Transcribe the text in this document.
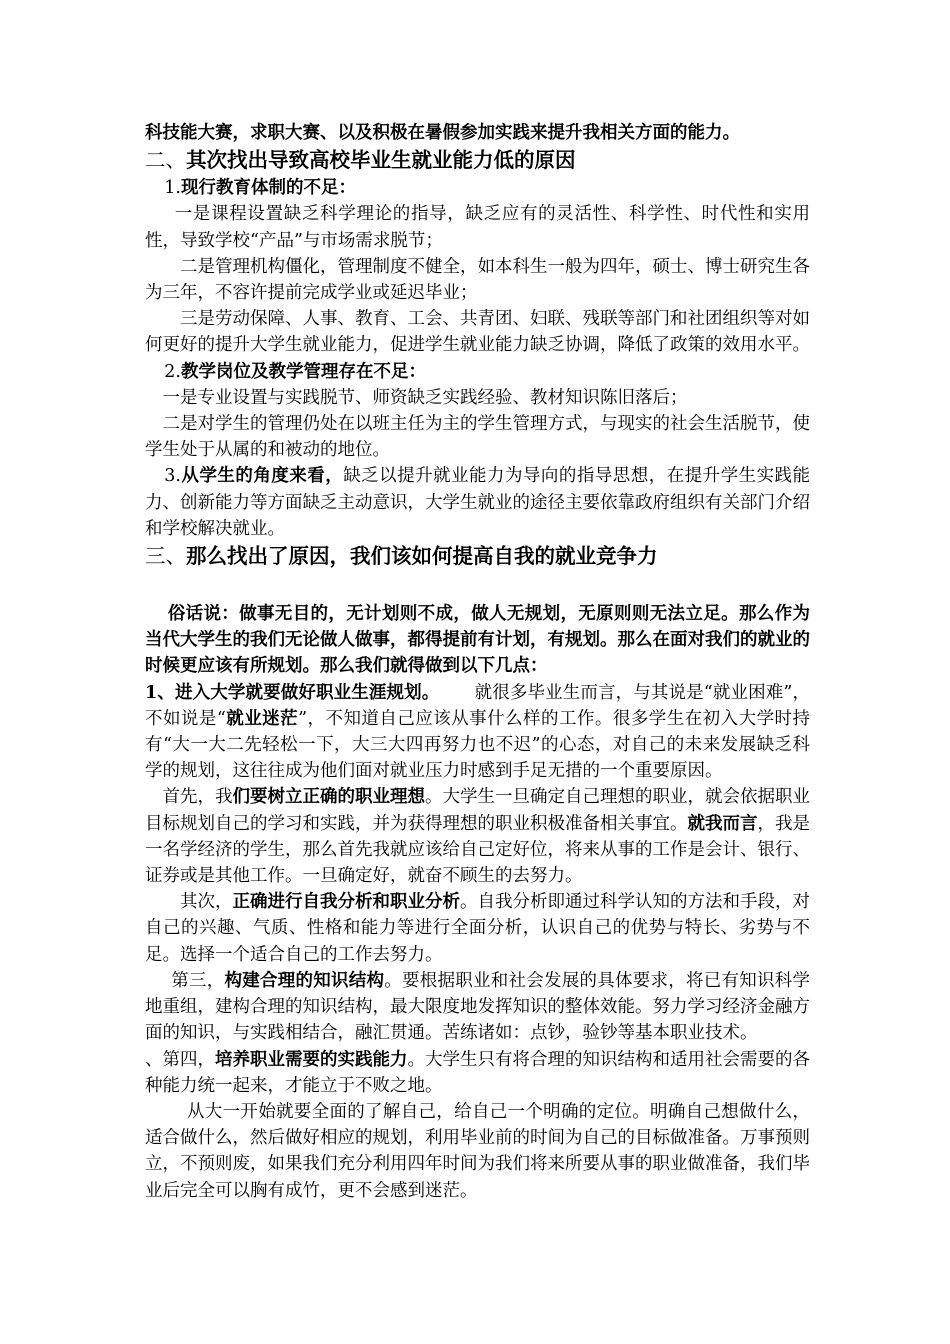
科技能大赛，求职大赛、以及积极在暑假参加实践来提升我相关方面的能力。

二、其次找出导致高校毕业生就业能力低的原因

1.现行教育体制的不足：

一是课程设置缺乏科学理论的指导，缺乏应有的灵活性、科学性、时代性和实用性，导致学校“产品”与市场需求脱节；

二是管理机构僵化，管理制度不健全，如本科生一般为四年，硕士、博士研究生各为三年，不容许提前完成学业或延迟毕业；

三是劳动保障、人事、教育、工会、共青团、妇联、残联等部门和社团组织等对如何更好的提升大学生就业能力，促进学生就业能力缺乏协调，降低了政策的效用水平。

2.教学岗位及教学管理存在不足：

一是专业设置与实践脱节、师资缺乏实践经验、教材知识陈旧落后；

二是对学生的管理仍处在以班主任为主的学生管理方式，与现实的社会生活脱节，使学生处于从属的和被动的地位。

3.从学生的角度来看，缺乏以提升就业能力为导向的指导思想，在提升学生实践能力、创新能力等方面缺乏主动意识，大学生就业的途径主要依靠政府组织有关部门介绍和学校解决就业。

三、那么找出了原因，我们该如何提高自我的就业竞争力

俗话说：做事无目的，无计划则不成，做人无规划，无原则则无法立足。那么作为当代大学生的我们无论做人做事，都得提前有计划，有规划。那么在面对我们的就业的时候更应该有所规划。那么我们就得做到以下几点：

1、进入大学就要做好职业生涯规划。   就很多毕业生而言，与其说是“就业困难”，不如说是“就业迷茫”，不知道自己应该从事什么样的工作。很多学生在初入大学时持有“大一大二先轻松一下，大三大四再努力也不迟”的心态，对自己的未来发展缺乏科学的规划，这往往成为他们面对就业压力时感到手足无措的一个重要原因。

首先，我们要树立正确的职业理想。大学生一旦确定自己理想的职业，就会依据职业目标规划自己的学习和实践，并为获得理想的职业积极准备相关事宜。就我而言，我是一名学经济的学生，那么首先我就应该给自己定好位，将来从事的工作是会计、银行、证券或是其他工作。一旦确定好，就奋不顾生的去努力。

其次，正确进行自我分析和职业分析。自我分析即通过科学认知的方法和手段，对自己的兴趣、气质、性格和能力等进行全面分析，认识自己的优势与特长、劣势与不足。选择一个适合自己的工作去努力。

第三，构建合理的知识结构。要根据职业和社会发展的具体要求，将已有知识科学地重组，建构合理的知识结构，最大限度地发挥知识的整体效能。努力学习经济金融方面的知识，与实践相结合，融汇贯通。苦练诸如：点钞，验钞等基本职业技术。

、第四，培养职业需要的实践能力。大学生只有将合理的知识结构和适用社会需要的各种能力统一起来，才能立于不败之地。

从大一开始就要全面的了解自己，给自己一个明确的定位。明确自己想做什么，适合做什么，然后做好相应的规划，利用毕业前的时间为自己的目标做准备。万事预则立，不预则废，如果我们充分利用四年时间为我们将来所要从事的职业做准备，我们毕业后完全可以胸有成竹，更不会感到迷茫。
